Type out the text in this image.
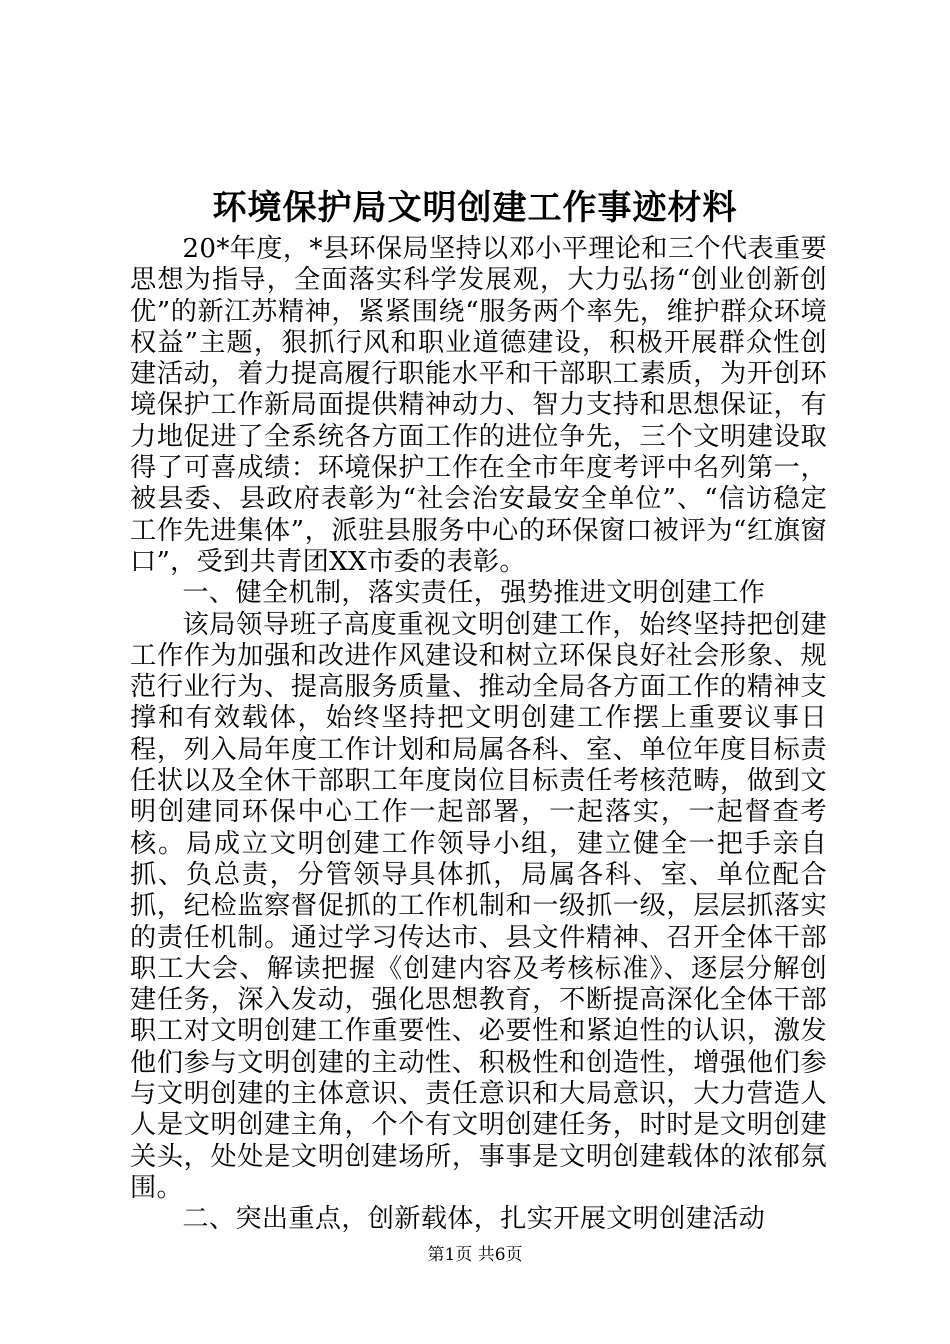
环境保护局文明创建工作事迹材料

20*年度，*县环保局坚持以邓小平理论和三个代表重要思想为指导，全面落实科学发展观，大力弘扬“创业创新创优”的新江苏精神，紧紧围绕“服务两个率先，维护群众环境权益”主题，狠抓行风和职业道德建设，积极开展群众性创建活动，着力提高履行职能水平和干部职工素质，为开创环境保护工作新局面提供精神动力、智力支持和思想保证，有力地促进了全系统各方面工作的进位争先，三个文明建设取得了可喜成绩：环境保护工作在全市年度考评中名列第一，被县委、县政府表彰为“社会治安最安全单位”、“信访稳定工作先进集体”，派驻县服务中心的环保窗口被评为“红旗窗口”，受到共青团XX市委的表彰。

一、健全机制，落实责任，强势推进文明创建工作

该局领导班子高度重视文明创建工作，始终坚持把创建工作作为加强和改进作风建设和树立环保良好社会形象、规范行业行为、提高服务质量、推动全局各方面工作的精神支撑和有效载体，始终坚持把文明创建工作摆上重要议事日程，列入局年度工作计划和局属各科、室、单位年度目标责任状以及全休干部职工年度岗位目标责任考核范畴，做到文明创建同环保中心工作一起部署，一起落实，一起督查考核。局成立文明创建工作领导小组，建立健全一把手亲自抓、负总责，分管领导具体抓，局属各科、室、单位配合抓，纪检监察督促抓的工作机制和一级抓一级，层层抓落实的责任机制。通过学习传达市、县文件精神、召开全体干部职工大会、解读把握《创建内容及考核标准》、逐层分解创建任务，深入发动，强化思想教育，不断提高深化全体干部职工对文明创建工作重要性、必要性和紧迫性的认识，激发他们参与文明创建的主动性、积极性和创造性，增强他们参与文明创建的主体意识、责任意识和大局意识，大力营造人人是文明创建主角，个个有文明创建任务，时时是文明创建关头，处处是文明创建场所，事事是文明创建载体的浓郁氛围。

二、突出重点，创新载体，扎实开展文明创建活动

第1页 共6页
